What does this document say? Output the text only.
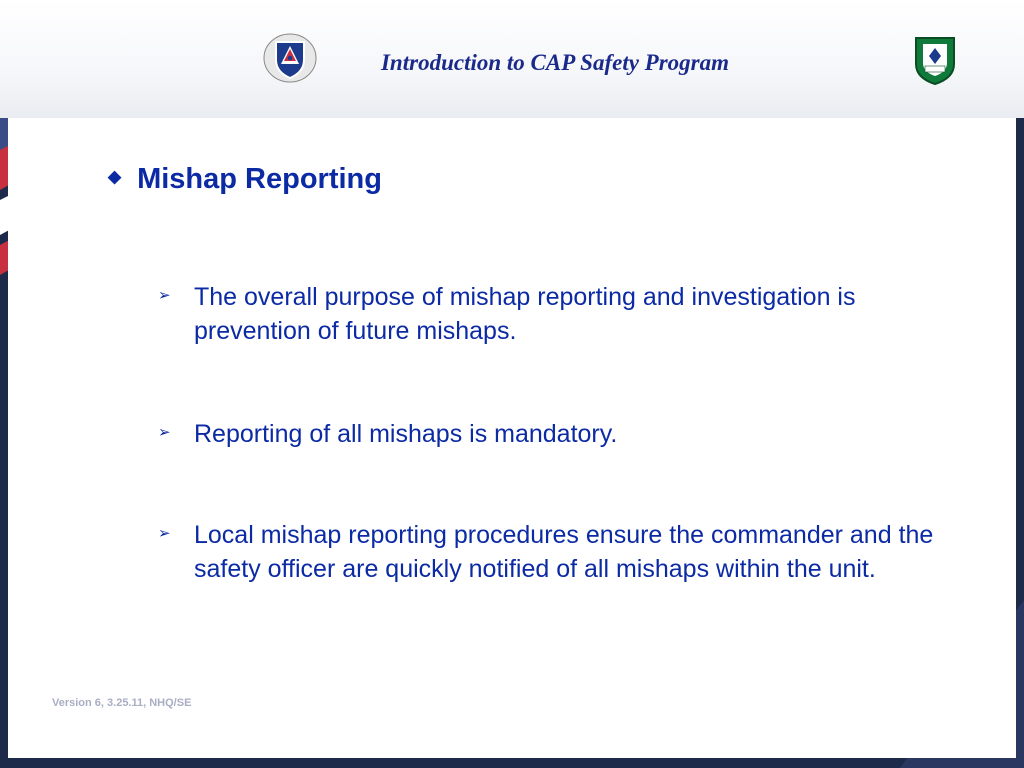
Introduction to CAP Safety Program
◆ Mishap Reporting
➢ The overall purpose of mishap reporting and investigation is prevention of future mishaps.
➢ Reporting of all mishaps is mandatory.
➢ Local mishap reporting procedures ensure the commander and the safety officer are quickly notified of all mishaps within the unit.
Version 6, 3.25.11, NHQ/SE
